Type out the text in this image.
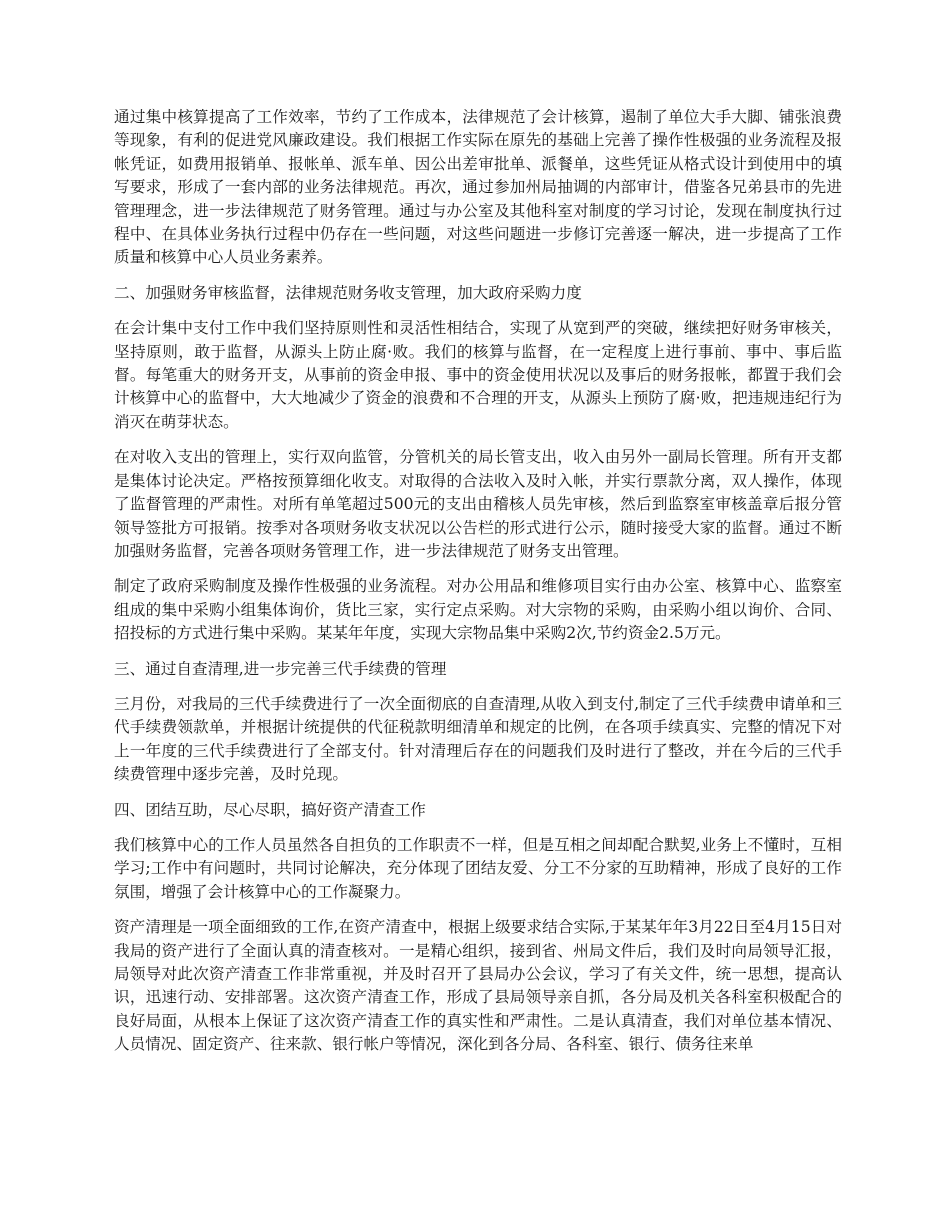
通过集中核算提高了工作效率，节约了工作成本，法律规范了会计核算，遏制了单位大手大脚、铺张浪费等现象，有利的促进党风廉政建设。我们根据工作实际在原先的基础上完善了操作性极强的业务流程及报帐凭证，如费用报销单、报帐单、派车单、因公出差审批单、派餐单，这些凭证从格式设计到使用中的填写要求，形成了一套内部的业务法律规范。再次，通过参加州局抽调的内部审计，借鉴各兄弟县市的先进管理理念，进一步法律规范了财务管理。通过与办公室及其他科室对制度的学习讨论，发现在制度执行过程中、在具体业务执行过程中仍存在一些问题，对这些问题进一步修订完善逐一解决，进一步提高了工作质量和核算中心人员业务素养。

二、加强财务审核监督，法律规范财务收支管理，加大政府采购力度

在会计集中支付工作中我们坚持原则性和灵活性相结合，实现了从宽到严的突破，继续把好财务审核关，坚持原则，敢于监督，从源头上防止腐·败。我们的核算与监督，在一定程度上进行事前、事中、事后监督。每笔重大的财务开支，从事前的资金申报、事中的资金使用状况以及事后的财务报帐，都置于我们会计核算中心的监督中，大大地减少了资金的浪费和不合理的开支，从源头上预防了腐·败，把违规违纪行为消灭在萌芽状态。

在对收入支出的管理上，实行双向监管，分管机关的局长管支出，收入由另外一副局长管理。所有开支都是集体讨论决定。严格按预算细化收支。对取得的合法收入及时入帐，并实行票款分离，双人操作，体现了监督管理的严肃性。对所有单笔超过500元的支出由稽核人员先审核，然后到监察室审核盖章后报分管领导签批方可报销。按季对各项财务收支状况以公告栏的形式进行公示，随时接受大家的监督。通过不断加强财务监督，完善各项财务管理工作，进一步法律规范了财务支出管理。

制定了政府采购制度及操作性极强的业务流程。对办公用品和维修项目实行由办公室、核算中心、监察室组成的集中采购小组集体询价，货比三家，实行定点采购。对大宗物的采购，由采购小组以询价、合同、招投标的方式进行集中采购。某某年年度，实现大宗物品集中采购2次,节约资金2.5万元。

三、通过自查清理,进一步完善三代手续费的管理

三月份，对我局的三代手续费进行了一次全面彻底的自查清理,从收入到支付,制定了三代手续费申请单和三代手续费领款单，并根据计统提供的代征税款明细清单和规定的比例，在各项手续真实、完整的情况下对上一年度的三代手续费进行了全部支付。针对清理后存在的问题我们及时进行了整改，并在今后的三代手续费管理中逐步完善，及时兑现。

四、团结互助，尽心尽职，搞好资产清查工作

我们核算中心的工作人员虽然各自担负的工作职责不一样，但是互相之间却配合默契,业务上不懂时，互相学习;工作中有问题时，共同讨论解决，充分体现了团结友爱、分工不分家的互助精神，形成了良好的工作氛围，增强了会计核算中心的工作凝聚力。

资产清理是一项全面细致的工作,在资产清查中，根据上级要求结合实际,于某某年年3月22日至4月15日对我局的资产进行了全面认真的清查核对。一是精心组织，接到省、州局文件后，我们及时向局领导汇报，局领导对此次资产清查工作非常重视，并及时召开了县局办公会议，学习了有关文件，统一思想，提高认识，迅速行动、安排部署。这次资产清查工作，形成了县局领导亲自抓，各分局及机关各科室积极配合的良好局面，从根本上保证了这次资产清查工作的真实性和严肃性。二是认真清查，我们对单位基本情况、人员情况、固定资产、往来款、银行帐户等情况，深化到各分局、各科室、银行、债务往来单
